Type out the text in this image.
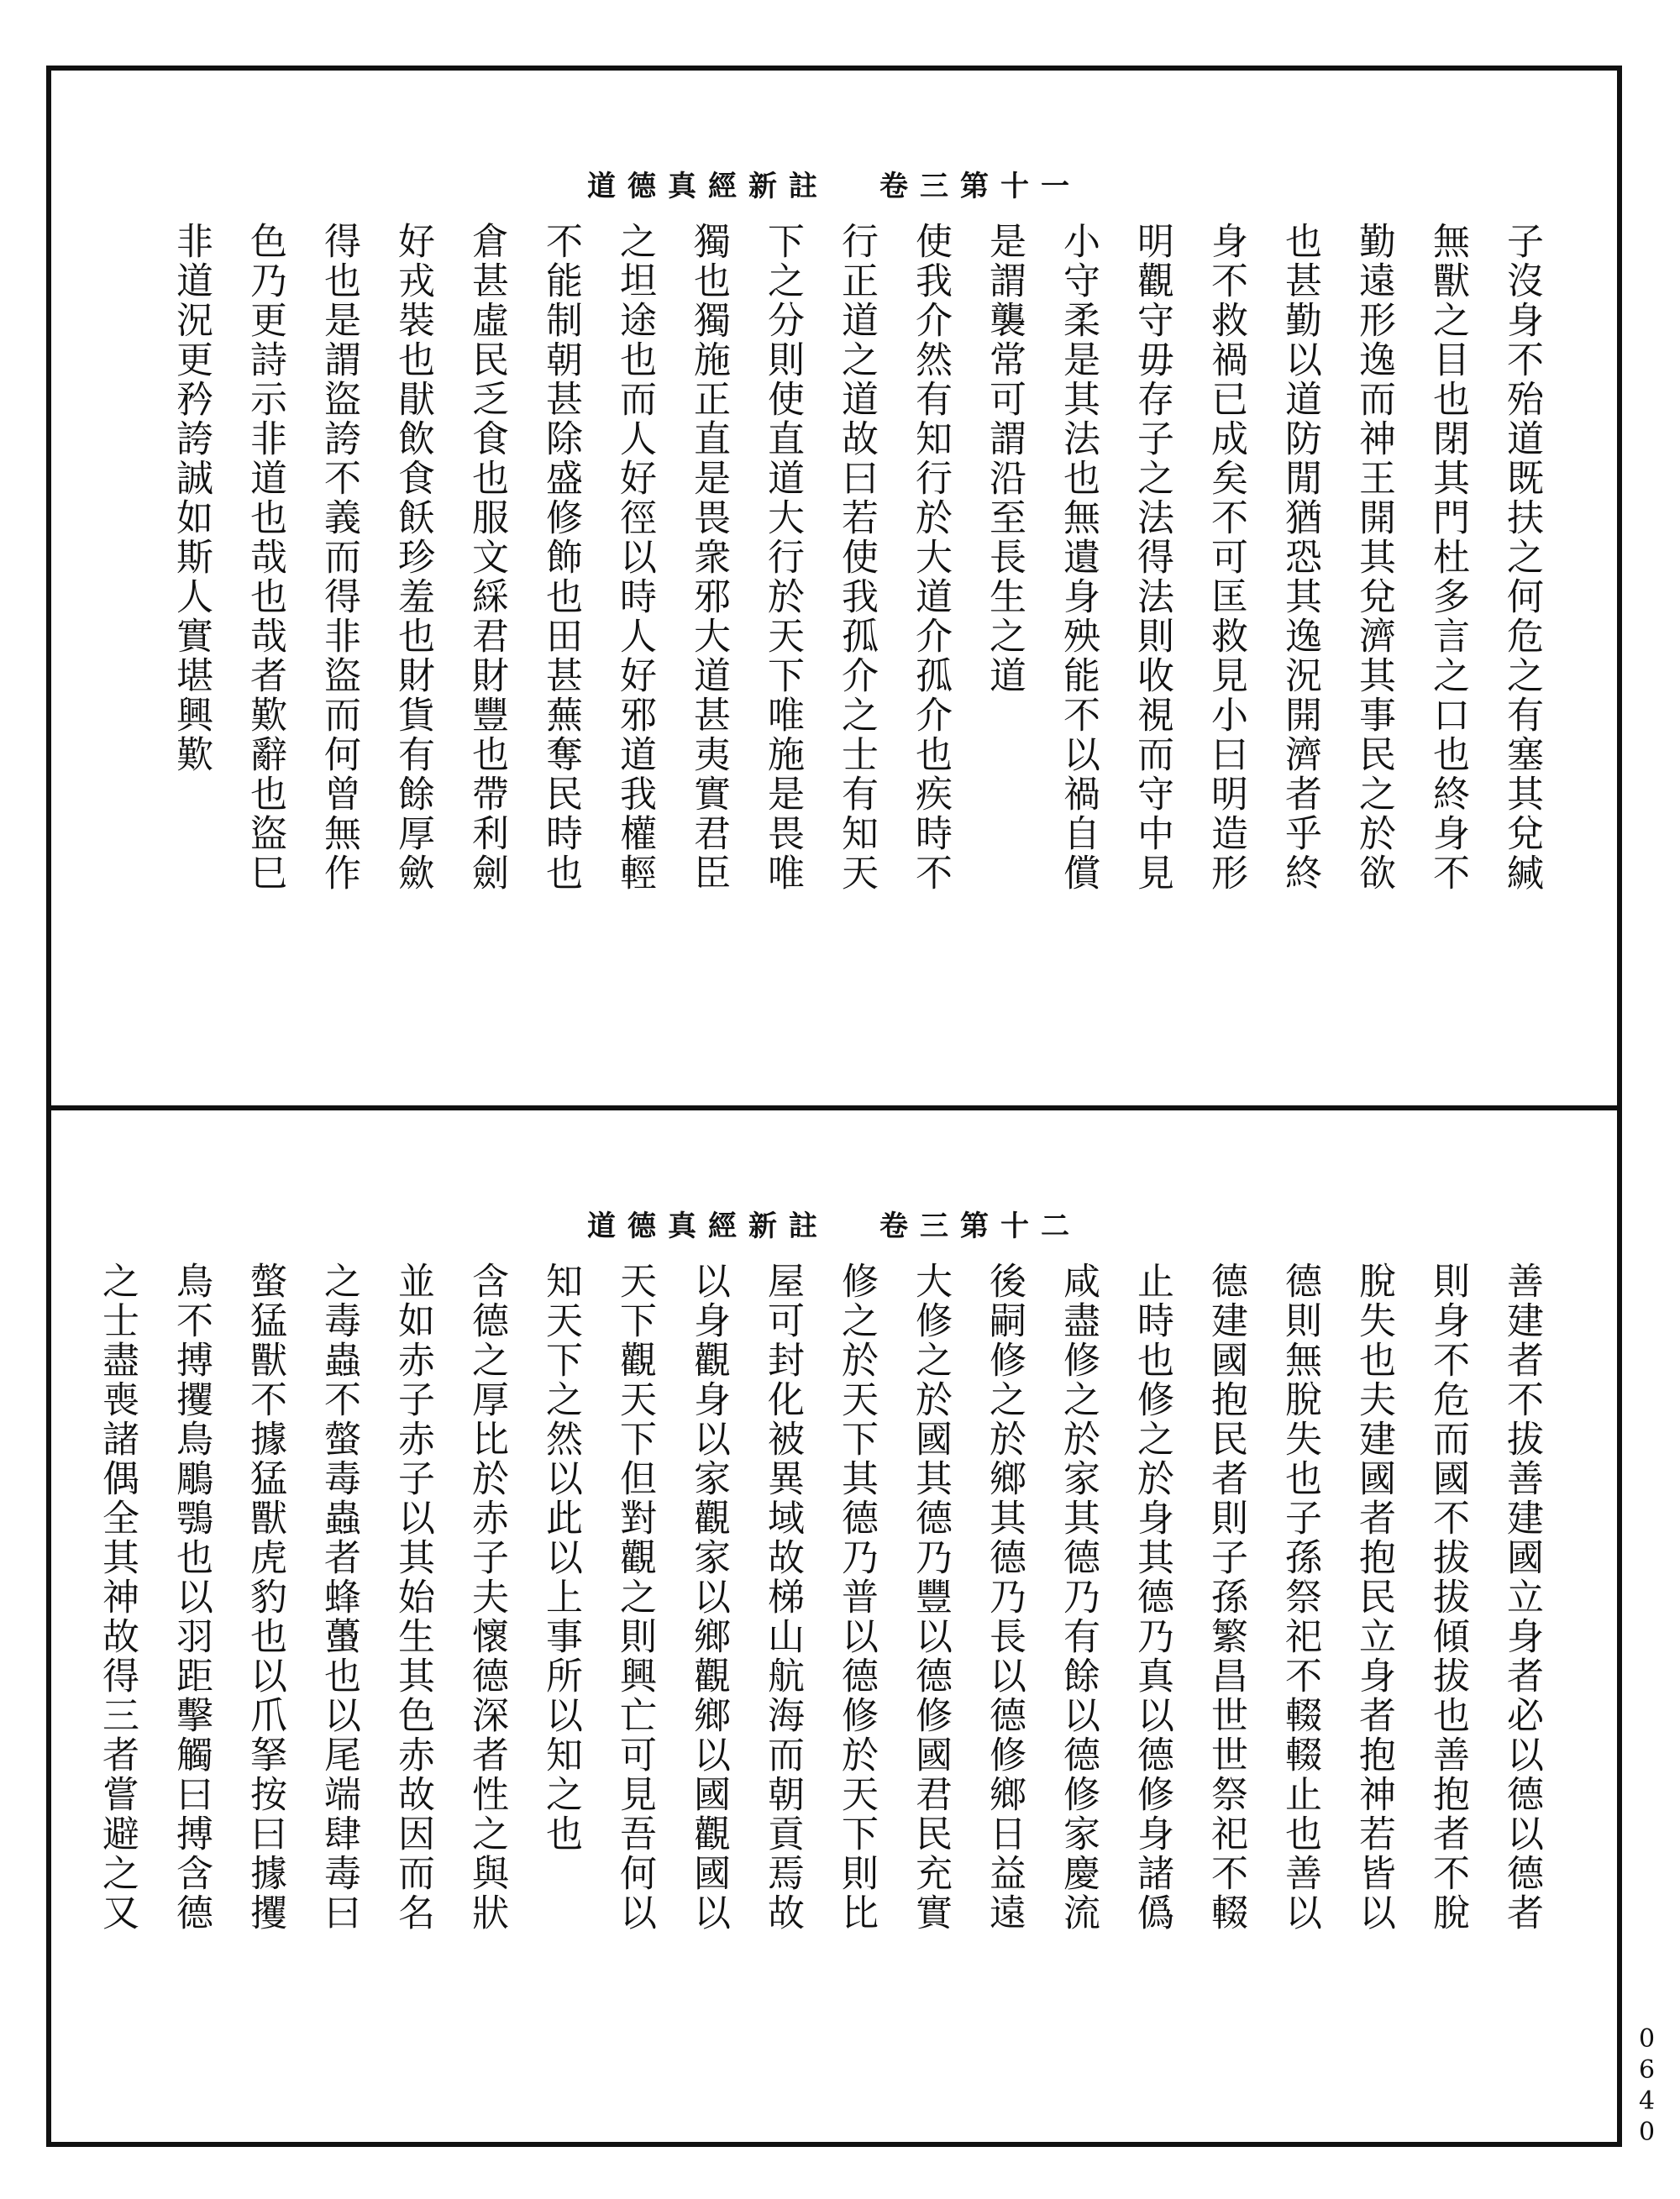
道德真經新註 卷三第十一
子沒身不殆道既扶之何危之有塞其兌緘
無獸之目也閉其門杜多言之口也終身不
勤遠形逸而神王開其兌濟其事民之於欲
也甚勤以道防閒猶恐其逸況開濟者乎終
身不救禍已成矣不可匡救見小曰明造形
明觀守毋存子之法得法則收視而守中見
小守柔是其法也無遺身殃能不以禍自償
是謂襲常可謂沿至長生之道
使我介然有知行於大道介孤介也疾時不
行正道之道故曰若使我孤介之士有知天
下之分則使直道大行於天下唯施是畏唯
獨也獨施正直是畏衆邪大道甚夷實君臣
之坦途也而人好徑以時人好邪道我權輕
不能制朝甚除盛修飾也田甚蕪奪民時也
倉甚虛民乏食也服文綵君財豐也帶利劍
好戎裝也猒飲食飫珍羞也財貨有餘厚歛
得也是謂盜誇不義而得非盜而何曾無作
色乃更詩示非道也哉也哉者歎辭也盜巳
非道況更矜誇誠如斯人實堪興歎
道德真經新註 卷三第十二
善建者不拔善建國立身者必以德以德者
則身不危而國不拔拔傾拔也善抱者不脫
脫失也夫建國者抱民立身者抱神若皆以
德則無脫失也子孫祭祀不輟輟止也善以
德建國抱民者則子孫繁昌世世祭祀不輟
止時也修之於身其德乃真以德修身諸僞
咸盡修之於家其德乃有餘以德修家慶流
後嗣修之於鄉其德乃長以德修鄉日益遠
大修之於國其德乃豐以德修國君民充實
修之於天下其德乃普以德修於天下則比
屋可封化被異域故梯山航海而朝貢焉故
以身觀身以家觀家以鄉觀鄉以國觀國以
天下觀天下但對觀之則興亡可見吾何以
知天下之然以此以上事所以知之也
含德之厚比於赤子夫懷德深者性之與狀
並如赤子赤子以其始生其色赤故因而名
之毒蟲不螫毒蟲者蜂蠆也以尾端肆毒曰
螫猛獸不據猛獸虎豹也以爪拏按曰據攫
鳥不搏攫鳥鵰鶚也以羽距擊觸曰搏含德
之士盡喪諸偶全其神故得三者嘗避之又
0640
